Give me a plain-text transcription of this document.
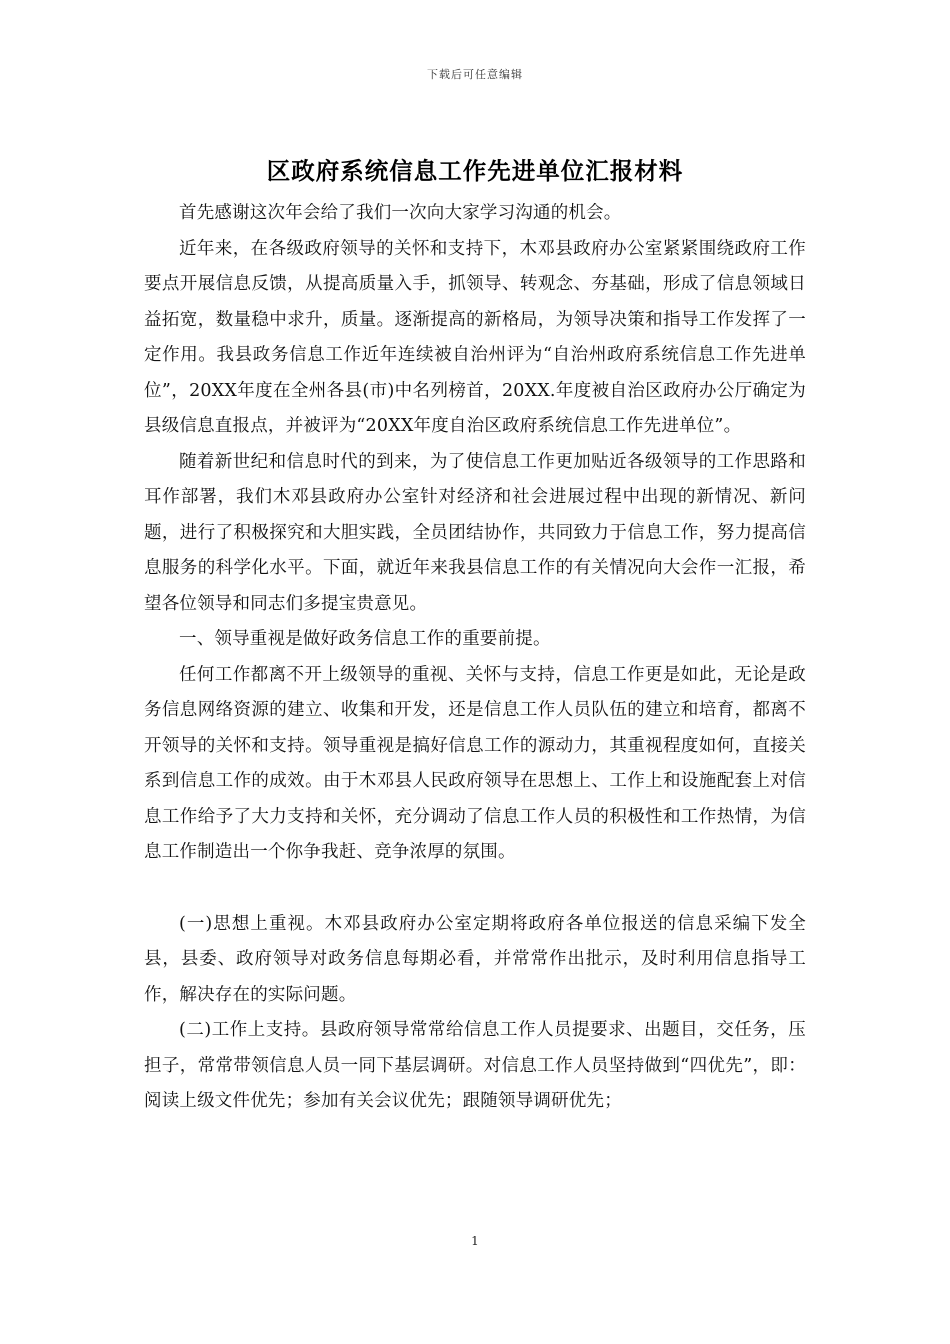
下载后可任意编辑
区政府系统信息工作先进单位汇报材料

首先感谢这次年会给了我们一次向大家学习沟通的机会。

近年来，在各级政府领导的关怀和支持下，木邓县政府办公室紧紧围绕政府工作要点开展信息反馈，从提高质量入手，抓领导、转观念、夯基础，形成了信息领域日益拓宽，数量稳中求升，质量。逐渐提高的新格局，为领导决策和指导工作发挥了一定作用。我县政务信息工作近年连续被自治州评为“自治州政府系统信息工作先进单位”，20XX年度在全州各县(市)中名列榜首，20XX.年度被自治区政府办公厅确定为县级信息直报点，并被评为“20XX年度自治区政府系统信息工作先进单位”。

随着新世纪和信息时代的到来，为了使信息工作更加贴近各级领导的工作思路和耳作部署，我们木邓县政府办公室针对经济和社会进展过程中出现的新情况、新问题，进行了积极探究和大胆实践，全员团结协作，共同致力于信息工作，努力提高信息服务的科学化水平。下面，就近年来我县信息工作的有关情况向大会作一汇报，希望各位领导和同志们多提宝贵意见。

一、领导重视是做好政务信息工作的重要前提。

任何工作都离不开上级领导的重视、关怀与支持，信息工作更是如此，无论是政务信息网络资源的建立、收集和开发，还是信息工作人员队伍的建立和培育，都离不开领导的关怀和支持。领导重视是搞好信息工作的源动力，其重视程度如何，直接关系到信息工作的成效。由于木邓县人民政府领导在思想上、工作上和设施配套上对信息工作给予了大力支持和关怀，充分调动了信息工作人员的积极性和工作热情，为信息工作制造出一个你争我赶、竞争浓厚的氛围。

(一)思想上重视。木邓县政府办公室定期将政府各单位报送的信息采编下发全县，县委、政府领导对政务信息每期必看，并常常作出批示，及时利用信息指导工作，解决存在的实际问题。

(二)工作上支持。县政府领导常常给信息工作人员提要求、出题目，交任务，压担子，常常带领信息人员一同下基层调研。对信息工作人员坚持做到“四优先”，即：阅读上级文件优先；参加有关会议优先；跟随领导调研优先；

1
